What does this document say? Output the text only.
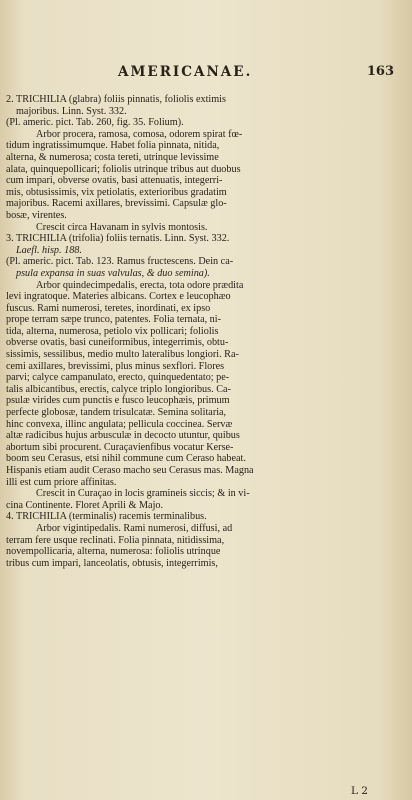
AMERICANAE.	163
2. TRICHILIA (glabra) foliis pinnatis, foliolis extimis
majoribus. Linn. Syst. 332.
(Pl. americ. pict. Tab. 260, fig. 35. Folium).
Arbor procera, ramosa, comosa, odorem spirat fœ-
tidum ingratissimumque. Habet folia pinnata, nitida,
alterna, & numerosa; costa tereti, utrinque levissime
alata, quinquepollicari; foliolis utrinque tribus aut duobus
cum impari, obverse ovatis, basi attenuatis, integerri-
mis, obtusissimis, vix petiolatis, exterioribus gradatim
majoribus. Racemi axillares, brevissimi. Capsulæ glo-
bosæ, virentes.
Crescit circa Havanam in sylvis montosis.
3. TRICHILIA (trifolia) foliis ternatis. Linn. Syst. 332.
Laefl. hisp. 188.
(Pl. americ. pict. Tab. 123. Ramus fructescens. Dein ca-
psula expansa in suas valvulas, & duo semina).
Arbor quindecimpedalis, erecta, tota odore prædita
levi ingratoque. Materies albicans. Cortex e leucophæo
fuscus. Rami numerosi, teretes, inordinati, ex ipso
prope terram sæpe trunco, patentes. Folia ternata, ni-
tida, alterna, numerosa, petiolo vix pollicari; foliolis
obverse ovatis, basi cuneiformibus, integerrimis, obtu-
sissimis, sessilibus, medio multo lateralibus longiori. Ra-
cemi axillares, brevissimi, plus minus sexflori. Flores
parvi; calyce campanulato, erecto, quinquedentato; pe-
talis albicantibus, erectis, calyce triplo longioribus. Ca-
psulæ virides cum punctis e fusco leucophæis, primum
perfecte globosæ, tandem trisulcatæ. Semina solitaria,
hinc convexa, illinc angulata; pellicula coccinea. Servæ
altæ radicibus hujus arbusculæ in decocto utuntur, quibus
abortum sibi procurent. Curaçavienfibus vocatur Kerse-
boom seu Cerasus, etsi nihil commune cum Ceraso habeat.
Hispanis etiam audit Ceraso macho seu Cerasus mas. Magna
illi est cum priore affinitas.
Crescit in Curaçao in locis gramineis siccis; & in vi-
cina Continente. Floret Aprili & Majo.
4. TRICHILIA (terminalis) racemis terminalibus.
Arbor vigintipedalis. Rami numerosi, diffusi, ad
terram fere usque reclinati. Folia pinnata, nitidissima,
novempollicaria, alterna, numerosa: foliolis utrinque
tribus cum impari, lanceolatis, obtusis, integerrimis,
L 2
